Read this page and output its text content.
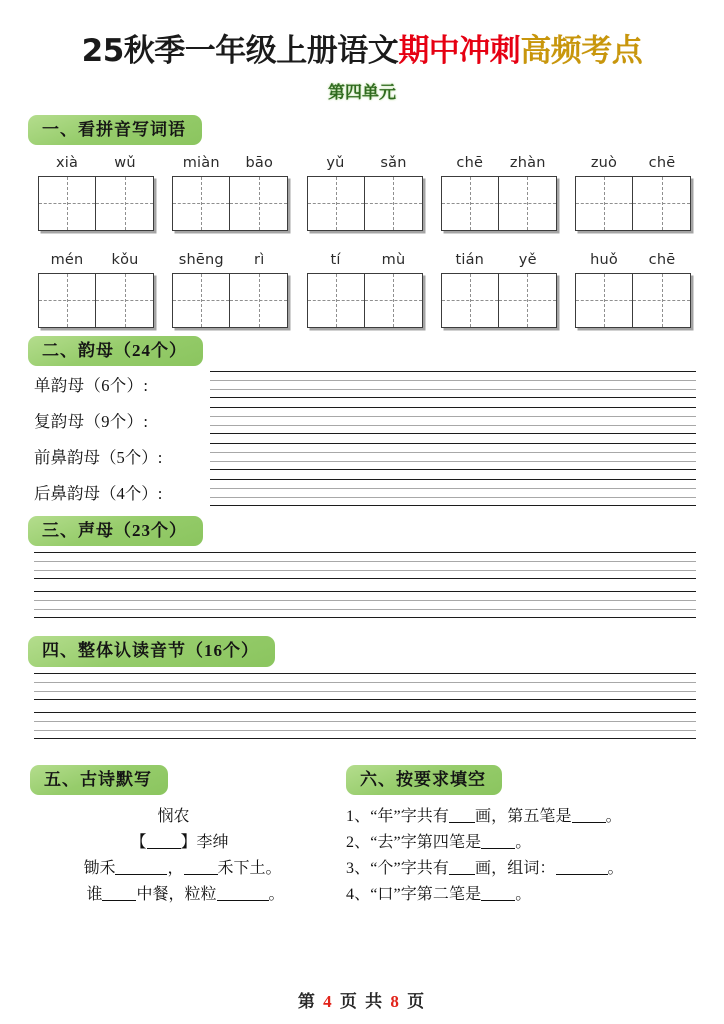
25秋季一年级上册语文期中冲刺高频考点
第四单元
一、看拼音写词语
xià	wǔ	miàn	bāo	yǔ	sǎn	chē	zhàn	zuò	chē
mén	kǒu	shēng	rì	tí	mù	tián	yě	huǒ	chē
二、韵母（24个）
单韵母（6个）:
复韵母（9个）:
前鼻韵母（5个）:
后鼻韵母（4个）:
三、声母（23个）
四、整体认读音节（16个）
五、古诗默写
悯农
【 】李绅
锄禾	， 禾下土。
谁 中餐，粒粒	。
六、按要求填空
1、“年”字共有 画，第五笔是 。
2、“去”字第四笔是 。
3、“个”字共有 画，组词：	。
4、“口”字第二笔是 。
第 4 页 共 8 页
